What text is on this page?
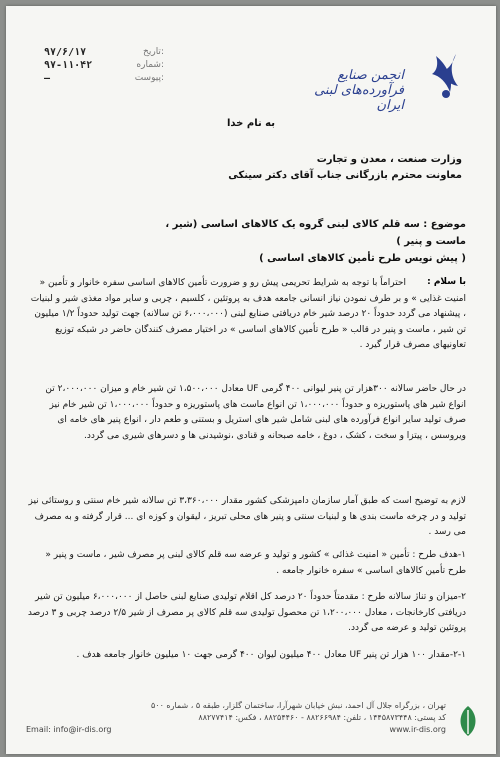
انجمن صنایع فرآورده‌های لبنی ایران
۹۷/۶/۱۷	تاریخ:
۹۷-۱۱۰۴۲	شماره:
—	پیوست:
به نام خدا
وزارت صنعت ، معدن و تجارت
معاونت محترم بازرگانی جناب آقای دکتر سینکی
موضوع : سه قلم کالای لبنی گروه یک کالاهای اساسی (شیر ، ماست و پنیر )
( پیش نویس طرح تأمین کالاهای اساسی )
با سلام :
احتراماً با توجه به شرایط تحریمی پیش رو و ضرورت تأمین کالاهای اساسی سفره خانوار و تأمین « امنیت غذایی » و بر طرف نمودن نیاز انسانی جامعه هدف به پروتئین ، کلسیم ، چربی و سایر مواد مغذی شیر و لبنیات ، پیشنهاد می گردد حدوداً ۲۰ درصد شیر خام دریافتی صنایع لبنی (۶،۰۰۰،۰۰۰ تن سالانه) جهت تولید حدوداً ۱/۲ میلیون تن شیر ، ماست و پنیر در قالب « طرح تأمین کالاهای اساسی » در اختیار مصرف کنندگان حاضر در شبکه توزیع تعاونیهای مصرف قرار گیرد .
در حال حاضر سالانه ۳۰۰هزار تن پنیر لیوانی ۴۰۰ گرمی UF معادل ۱،۵۰۰،۰۰۰ تن شیر خام و میزان ۲،۰۰۰،۰۰۰ تن انواع شیر های پاستوریزه و حدوداً ۱،۰۰۰،۰۰۰ تن انواع ماست های پاستوریزه و حدوداً ۱،۰۰۰،۰۰۰ تن شیر خام نیز صرف تولید سایر انواع فرآورده های لبنی شامل شیر های استریل و بستنی و طعم دار ، انواع پنیر های خامه ای ویروسس ، پیتزا و سخت ، کشک ، دوغ ، خامه صبحانه و قنادی ،نوشیدنی ها و دسرهای شیری می گردد.
لازم به توضیح است که طبق آمار سازمان دامپزشکی کشور مقدار ۳،۳۶۰،۰۰۰ تن سالانه شیر خام سنتی و روستائی نیز تولید و در چرخه ماست بندی ها و لبنیات سنتی و پنیر های محلی تبریز ، لیقوان و کوزه ای ... قرار گرفته و به مصرف می رسد .
۱-هدف طرح : تأمین « امنیت غذائی » کشور و تولید و عرضه سه قلم کالای لبنی پر مصرف شیر ، ماست و پنیر « طرح تأمین کالاهای اساسی » سفره خانوار جامعه .
۲-میزان و تناژ سالانه طرح : مقدمتاً حدوداً ۲۰ درصد کل اقلام تولیدی صنایع لبنی حاصل از ۶،۰۰۰،۰۰۰ میلیون تن شیر دریافتی کارخانجات ، معادل ۱،۲۰۰،۰۰۰ تن محصول تولیدی سه قلم کالای پر مصرف از شیر ۲/۵ درصد چربی و ۳ درصد پروتئین تولید و عرضه می گردد.
۲-۱-مقدار ۱۰۰ هزار تن پنیر UF معادل ۴۰۰ میلیون لیوان ۴۰۰ گرمی جهت ۱۰ میلیون خانوار جامعه هدف .
تهران ، بزرگراه جلال آل احمد، نبش خیابان شهرآرا، ساختمان گلزار، طبقه ۵ ، شماره ۵۰۰
کد پستی: ۱۴۴۵۸۷۳۴۴۸ ، تلفن: ۸۸۲۶۶۹۸۴ - ۸۸۲۵۴۴۶۰ ، فکس: ۸۸۲۷۷۴۱۴
Email: info@ir-dis.org	www.ir-dis.org
